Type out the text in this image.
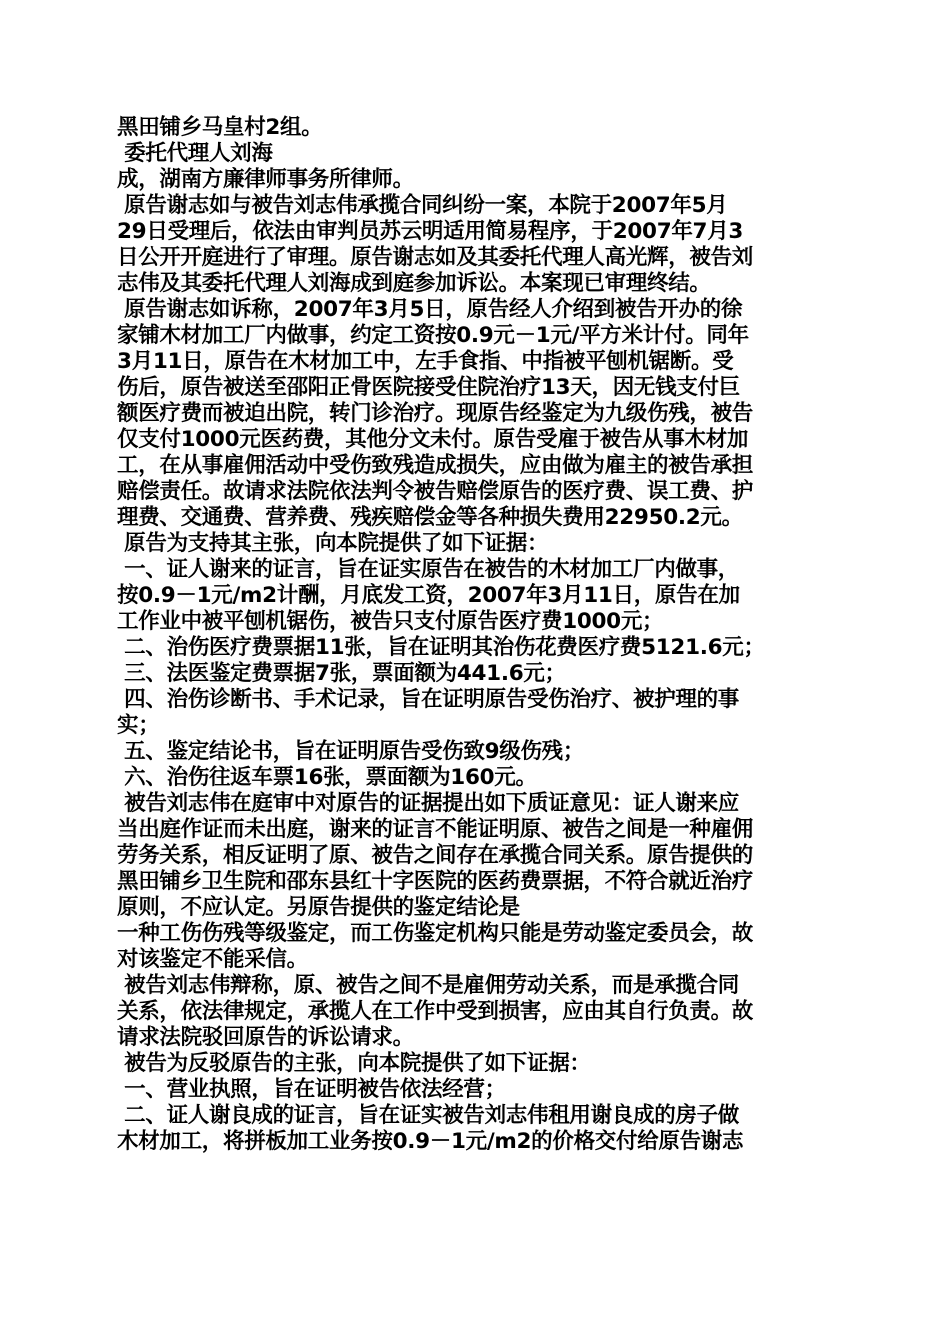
黑田铺乡马皇村2组。
委托代理人刘海
成，湖南方廉律师事务所律师。
原告谢志如与被告刘志伟承揽合同纠纷一案，本院于2007年5月
29日受理后，依法由审判员苏云明适用简易程序，于2007年7月3
日公开开庭进行了审理。原告谢志如及其委托代理人高光辉，被告刘
志伟及其委托代理人刘海成到庭参加诉讼。本案现已审理终结。
原告谢志如诉称，2007年3月5日，原告经人介绍到被告开办的徐
家铺木材加工厂内做事，约定工资按0.9元－1元/平方米计付。同年
3月11日，原告在木材加工中，左手食指、中指被平刨机锯断。受
伤后，原告被送至邵阳正骨医院接受住院治疗13天，因无钱支付巨
额医疗费而被迫出院，转门诊治疗。现原告经鉴定为九级伤残，被告
仅支付1000元医药费，其他分文未付。原告受雇于被告从事木材加
工，在从事雇佣活动中受伤致残造成损失，应由做为雇主的被告承担
赔偿责任。故请求法院依法判令被告赔偿原告的医疗费、误工费、护
理费、交通费、营养费、残疾赔偿金等各种损失费用22950.2元。
原告为支持其主张，向本院提供了如下证据：
一、证人谢来的证言，旨在证实原告在被告的木材加工厂内做事，
按0.9－1元/m2计酬，月底发工资，2007年3月11日，原告在加
工作业中被平刨机锯伤，被告只支付原告医疗费1000元；
二、治伤医疗费票据11张，旨在证明其治伤花费医疗费5121.6元；
三、法医鉴定费票据7张，票面额为441.6元；
四、治伤诊断书、手术记录，旨在证明原告受伤治疗、被护理的事
实；
五、鉴定结论书，旨在证明原告受伤致9级伤残；
六、治伤往返车票16张，票面额为160元。
被告刘志伟在庭审中对原告的证据提出如下质证意见：证人谢来应
当出庭作证而未出庭，谢来的证言不能证明原、被告之间是一种雇佣
劳务关系，相反证明了原、被告之间存在承揽合同关系。原告提供的
黑田铺乡卫生院和邵东县红十字医院的医药费票据，不符合就近治疗
原则，不应认定。另原告提供的鉴定结论是
一种工伤伤残等级鉴定，而工伤鉴定机构只能是劳动鉴定委员会，故
对该鉴定不能采信。
被告刘志伟辩称，原、被告之间不是雇佣劳动关系，而是承揽合同
关系，依法律规定，承揽人在工作中受到损害，应由其自行负责。故
请求法院驳回原告的诉讼请求。
被告为反驳原告的主张，向本院提供了如下证据：
一、营业执照，旨在证明被告依法经营；
二、证人谢良成的证言，旨在证实被告刘志伟租用谢良成的房子做
木材加工，将拼板加工业务按0.9－1元/m2的价格交付给原告谢志
